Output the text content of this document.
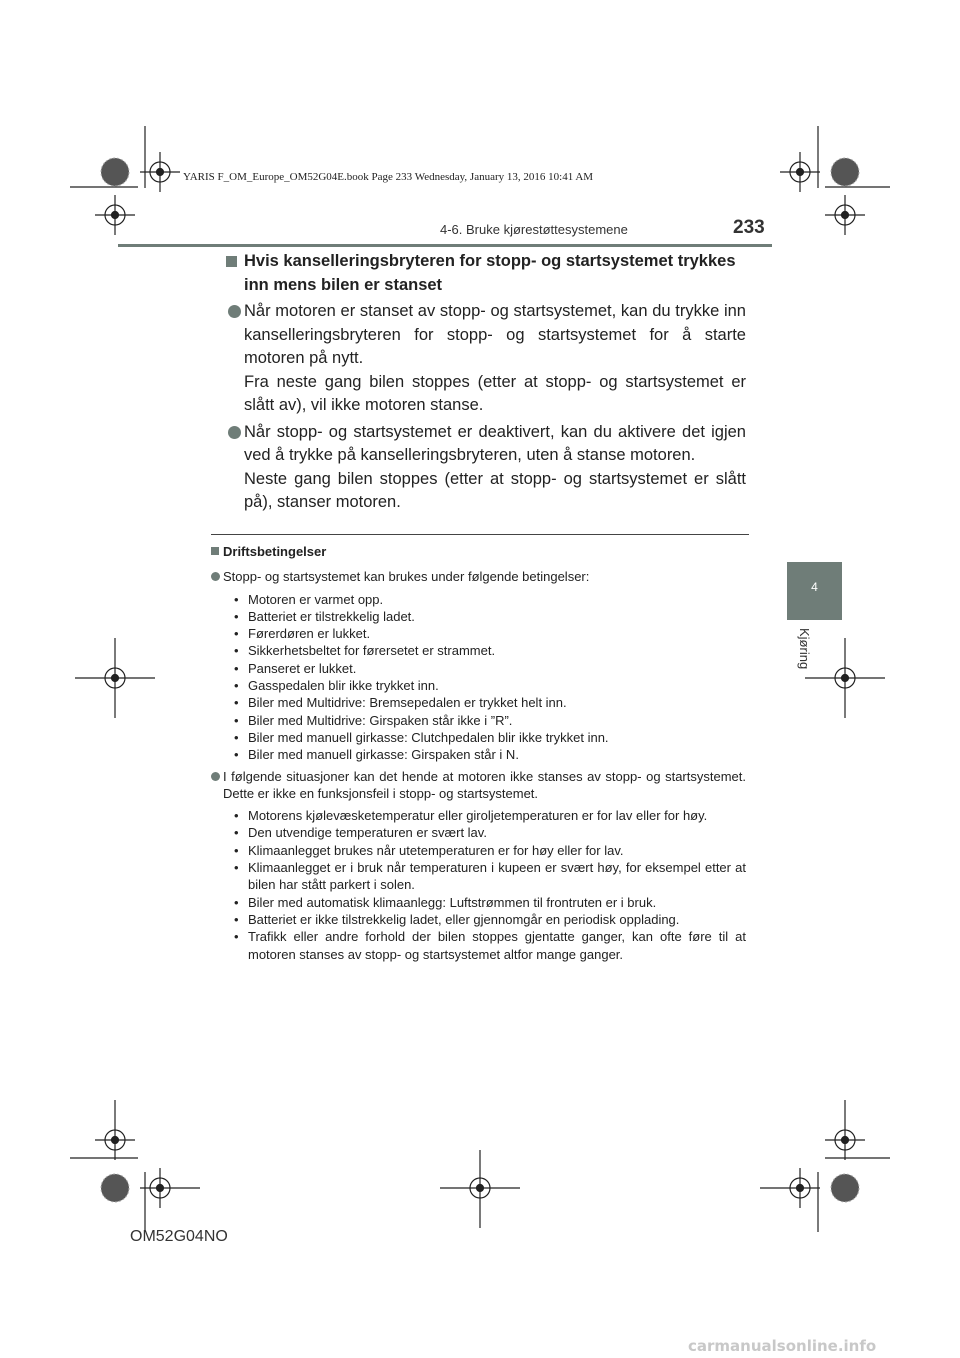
YARIS F_OM_Europe_OM52G04E.book Page 233 Wednesday, January 13, 2016 10:41 AM
4-6. Bruke kjørestøttesystemene	233
4
Kjøring
Hvis kanselleringsbryteren for stopp- og startsystemet trykkes inn mens bilen er stanset

Når motoren er stanset av stopp- og startsystemet, kan du trykke inn kanselleringsbryteren for stopp- og startsystemet for å starte motoren på nytt.

Fra neste gang bilen stoppes (etter at stopp- og startsystemet er slått av), vil ikke motoren stanse.

Når stopp- og startsystemet er deaktivert, kan du aktivere det igjen ved å trykke på kanselleringsbryteren, uten å stanse motoren.

Neste gang bilen stoppes (etter at stopp- og startsystemet er slått på), stanser motoren.

Driftsbetingelser
Stopp- og startsystemet kan brukes under følgende betingelser:
• Motoren er varmet opp.
• Batteriet er tilstrekkelig ladet.
• Førerdøren er lukket.
• Sikkerhetsbeltet for førersetet er strammet.
• Panseret er lukket.
• Gasspedalen blir ikke trykket inn.
• Biler med Multidrive: Bremsepedalen er trykket helt inn.
• Biler med Multidrive: Girspaken står ikke i ”R”.
• Biler med manuell girkasse: Clutchpedalen blir ikke trykket inn.
• Biler med manuell girkasse: Girspaken står i N.
I følgende situasjoner kan det hende at motoren ikke stanses av stopp- og startsystemet. Dette er ikke en funksjonsfeil i stopp- og startsystemet.
• Motorens kjølevæsketemperatur eller giroljetemperaturen er for lav eller for høy.
• Den utvendige temperaturen er svært lav.
• Klimaanlegget brukes når utetemperaturen er for høy eller for lav.
• Klimaanlegget er i bruk når temperaturen i kupeen er svært høy, for eksempel etter at bilen har stått parkert i solen.
• Biler med automatisk klimaanlegg: Luftstrømmen til frontruten er i bruk.
• Batteriet er ikke tilstrekkelig ladet, eller gjennomgår en periodisk opplading.
• Trafikk eller andre forhold der bilen stoppes gjentatte ganger, kan ofte føre til at motoren stanses av stopp- og startsystemet altfor mange ganger.
OM52G04NO
carmanualsonline.info
